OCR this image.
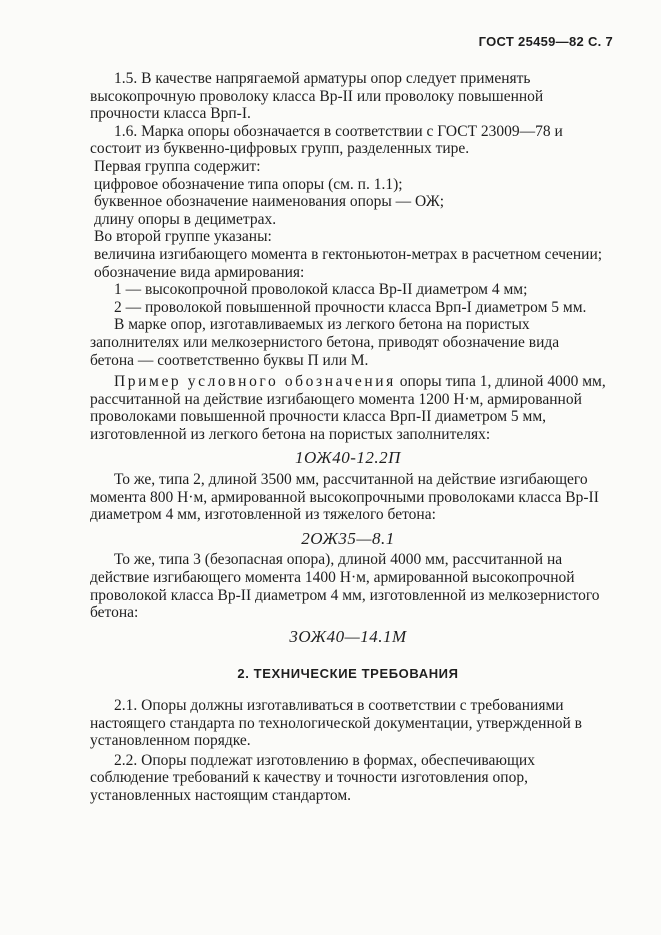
ГОСТ 25459—82 С. 7

1.5. В качестве напрягаемой арматуры опор следует применять высокопрочную проволоку класса Вр-II или проволоку повышенной прочности класса Врп-I.

1.6. Марка опоры обозначается в соответствии с ГОСТ 23009—78 и состоит из буквенно-цифровых групп, разделенных тире.

Первая группа содержит:

цифровое обозначение типа опоры (см. п. 1.1);

буквенное обозначение наименования опоры — ОЖ;

длину опоры в дециметрах.

Во второй группе указаны:

величина изгибающего момента в гектоньютон-метрах в расчетном сечении;

обозначение вида армирования:

1 — высокопрочной проволокой класса Вр-II диаметром 4 мм;

2 — проволокой повышенной прочности класса Врп-I диаметром 5 мм.

В марке опор, изготавливаемых из легкого бетона на пористых заполнителях или мелкозернистого бетона, приводят обозначение вида бетона — соответственно буквы П или М.

Пример условного обозначения опоры типа 1, длиной 4000 мм, рассчитанной на действие изгибающего момента 1200 Н·м, армированной проволоками повышенной прочности класса Врп-II диаметром 5 мм, изготовленной из легкого бетона на пористых заполнителях:

1ОЖ40-12.2П

То же, типа 2, длиной 3500 мм, рассчитанной на действие изгибающего момента 800 Н·м, армированной высокопрочными проволоками класса Вр-II диаметром 4 мм, изготовленной из тяжелого бетона:

2ОЖ35—8.1

То же, типа 3 (безопасная опора), длиной 4000 мм, рассчитанной на действие изгибающего момента 1400 Н·м, армированной высокопрочной проволокой класса Вр-II диаметром 4 мм, изготовленной из мелкозернистого бетона:

3ОЖ40—14.1М

2. ТЕХНИЧЕСКИЕ ТРЕБОВАНИЯ

2.1. Опоры должны изготавливаться в соответствии с требованиями настоящего стандарта по технологической документации, утвержденной в установленном порядке.

2.2. Опоры подлежат изготовлению в формах, обеспечивающих соблюдение требований к качеству и точности изготовления опор, установленных настоящим стандартом.
